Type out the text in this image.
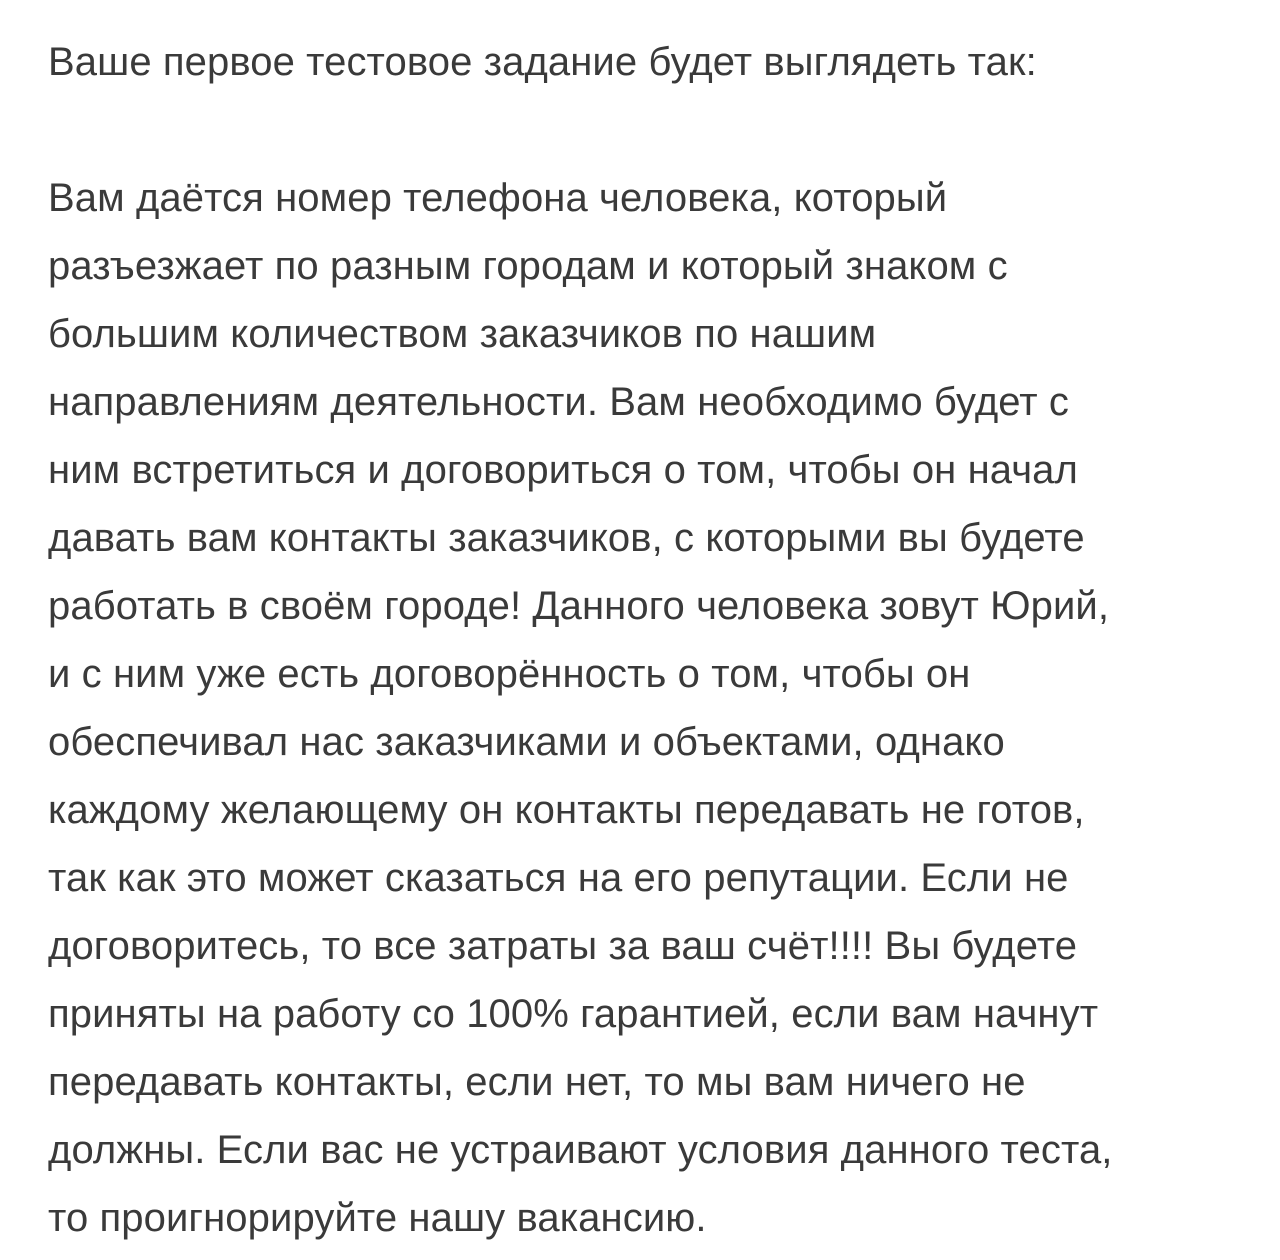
Ваше первое тестовое задание будет выглядеть так:

Вам даётся номер телефона человека, который
разъезжает по разным городам и который знаком с
большим количеством заказчиков по нашим
направлениям деятельности. Вам необходимо будет с
ним встретиться и договориться о том, чтобы он начал
давать вам контакты заказчиков, с которыми вы будете
работать в своём городе! Данного человека зовут Юрий,
и с ним уже есть договорённость о том, чтобы он
обеспечивал нас заказчиками и объектами, однако
каждому желающему он контакты передавать не готов,
так как это может сказаться на его репутации. Если не
договоритесь, то все затраты за ваш счёт!!!! Вы будете
приняты на работу со 100% гарантией, если вам начнут
передавать контакты, если нет, то мы вам ничего не
должны. Если вас не устраивают условия данного теста,
то проигнорируйте нашу вакансию.
